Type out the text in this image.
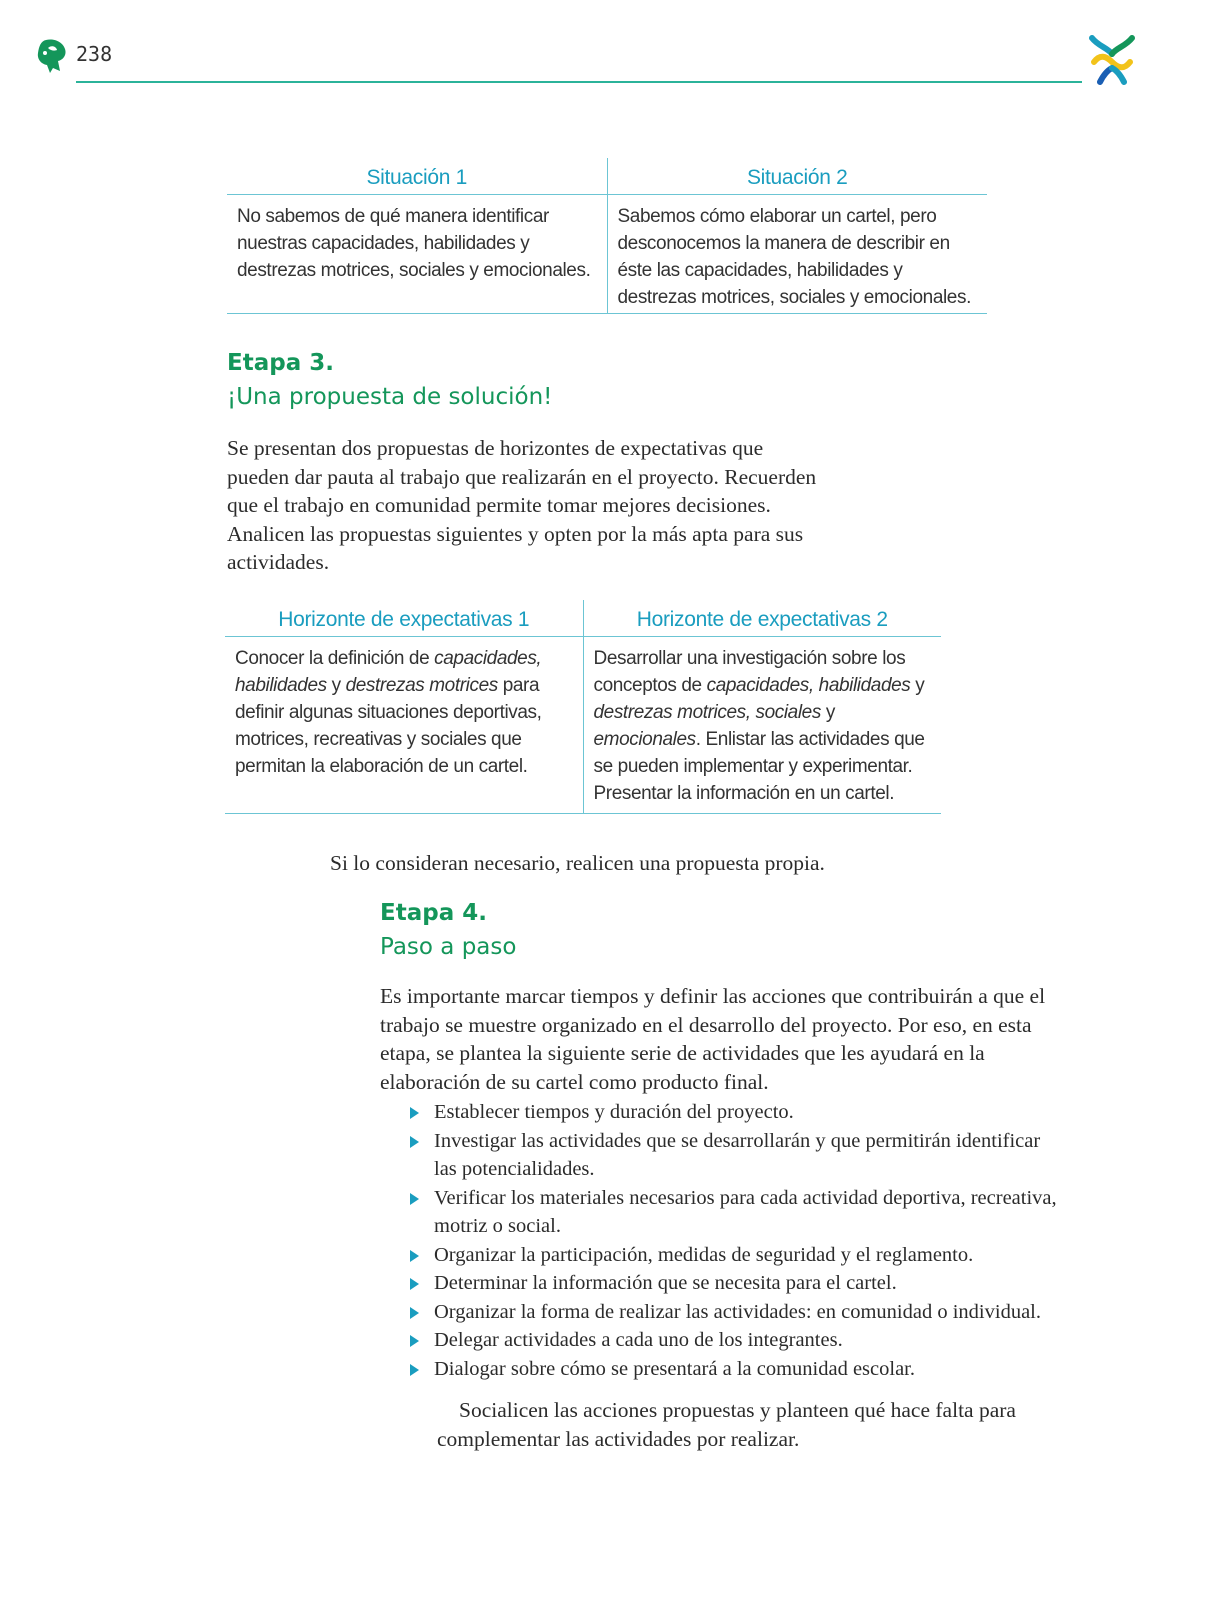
238
Situación 1	Situación 2
No sabemos de qué manera identificar nuestras capacidades, habilidades y destrezas motrices, sociales y emocionales.	Sabemos cómo elaborar un cartel, pero desconocemos la manera de describir en éste las capacidades, habilidades y destrezas motrices, sociales y emocionales.
Etapa 3.
¡Una propuesta de solución!

Se presentan dos propuestas de horizontes de expectativas que pueden dar pauta al trabajo que realizarán en el proyecto. Recuerden que el trabajo en comunidad permite tomar mejores decisiones. Analicen las propuestas siguientes y opten por la más apta para sus actividades.

Horizonte de expectativas 1	Horizonte de expectativas 2
Conocer la definición de capacidades, habilidades y destrezas motrices para definir algunas situaciones deportivas, motrices, recreativas y sociales que permitan la elaboración de un cartel.	Desarrollar una investigación sobre los conceptos de capacidades, habilidades y destrezas motrices, sociales y emocionales. Enlistar las actividades que se pueden implementar y experimentar. Presentar la información en un cartel.

Si lo consideran necesario, realicen una propuesta propia.

Etapa 4.
Paso a paso

Es importante marcar tiempos y definir las acciones que contribuirán a que el trabajo se muestre organizado en el desarrollo del proyecto. Por eso, en esta etapa, se plantea la siguiente serie de actividades que les ayudará en la elaboración de su cartel como producto final.

Establecer tiempos y duración del proyecto.
Investigar las actividades que se desarrollarán y que permitirán identificar las potencialidades.
Verificar los materiales necesarios para cada actividad deportiva, recreativa, motriz o social.
Organizar la participación, medidas de seguridad y el reglamento.
Determinar la información que se necesita para el cartel.
Organizar la forma de realizar las actividades: en comunidad o individual.
Delegar actividades a cada uno de los integrantes.
Dialogar sobre cómo se presentará a la comunidad escolar.

Socialicen las acciones propuestas y planteen qué hace falta para complementar las actividades por realizar.
